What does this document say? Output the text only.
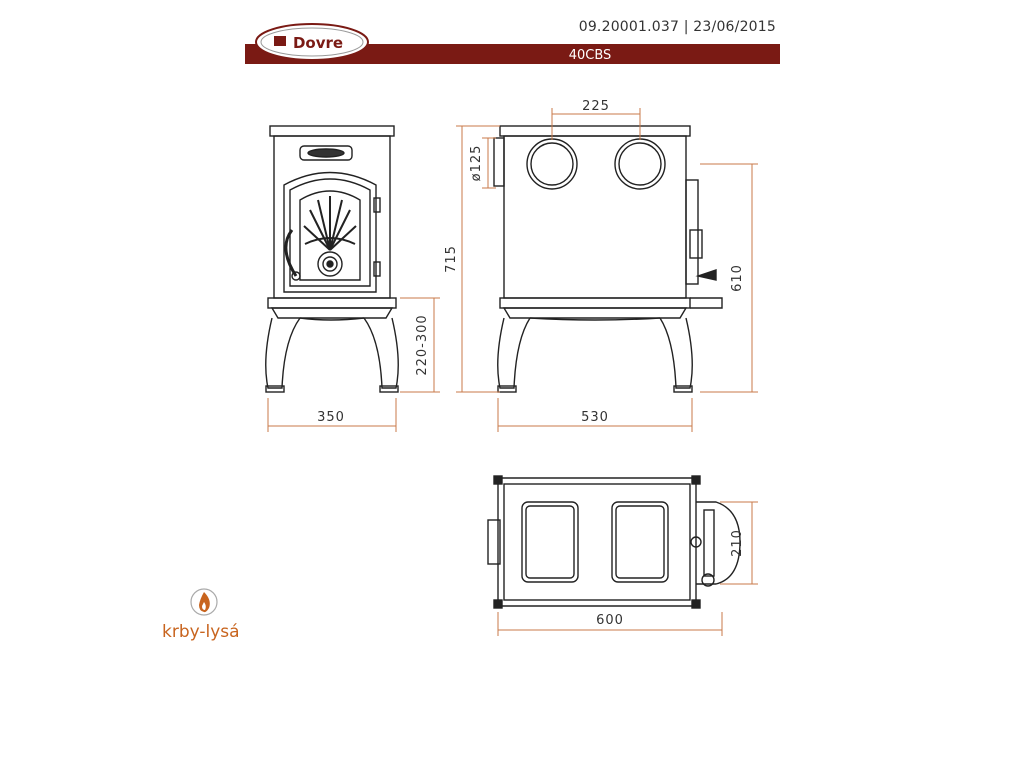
Dovre
350
220-300
715
ø125
225
530
610
210
600
09.20001.037 | 23/06/2015
40CBS
krby-lysá
